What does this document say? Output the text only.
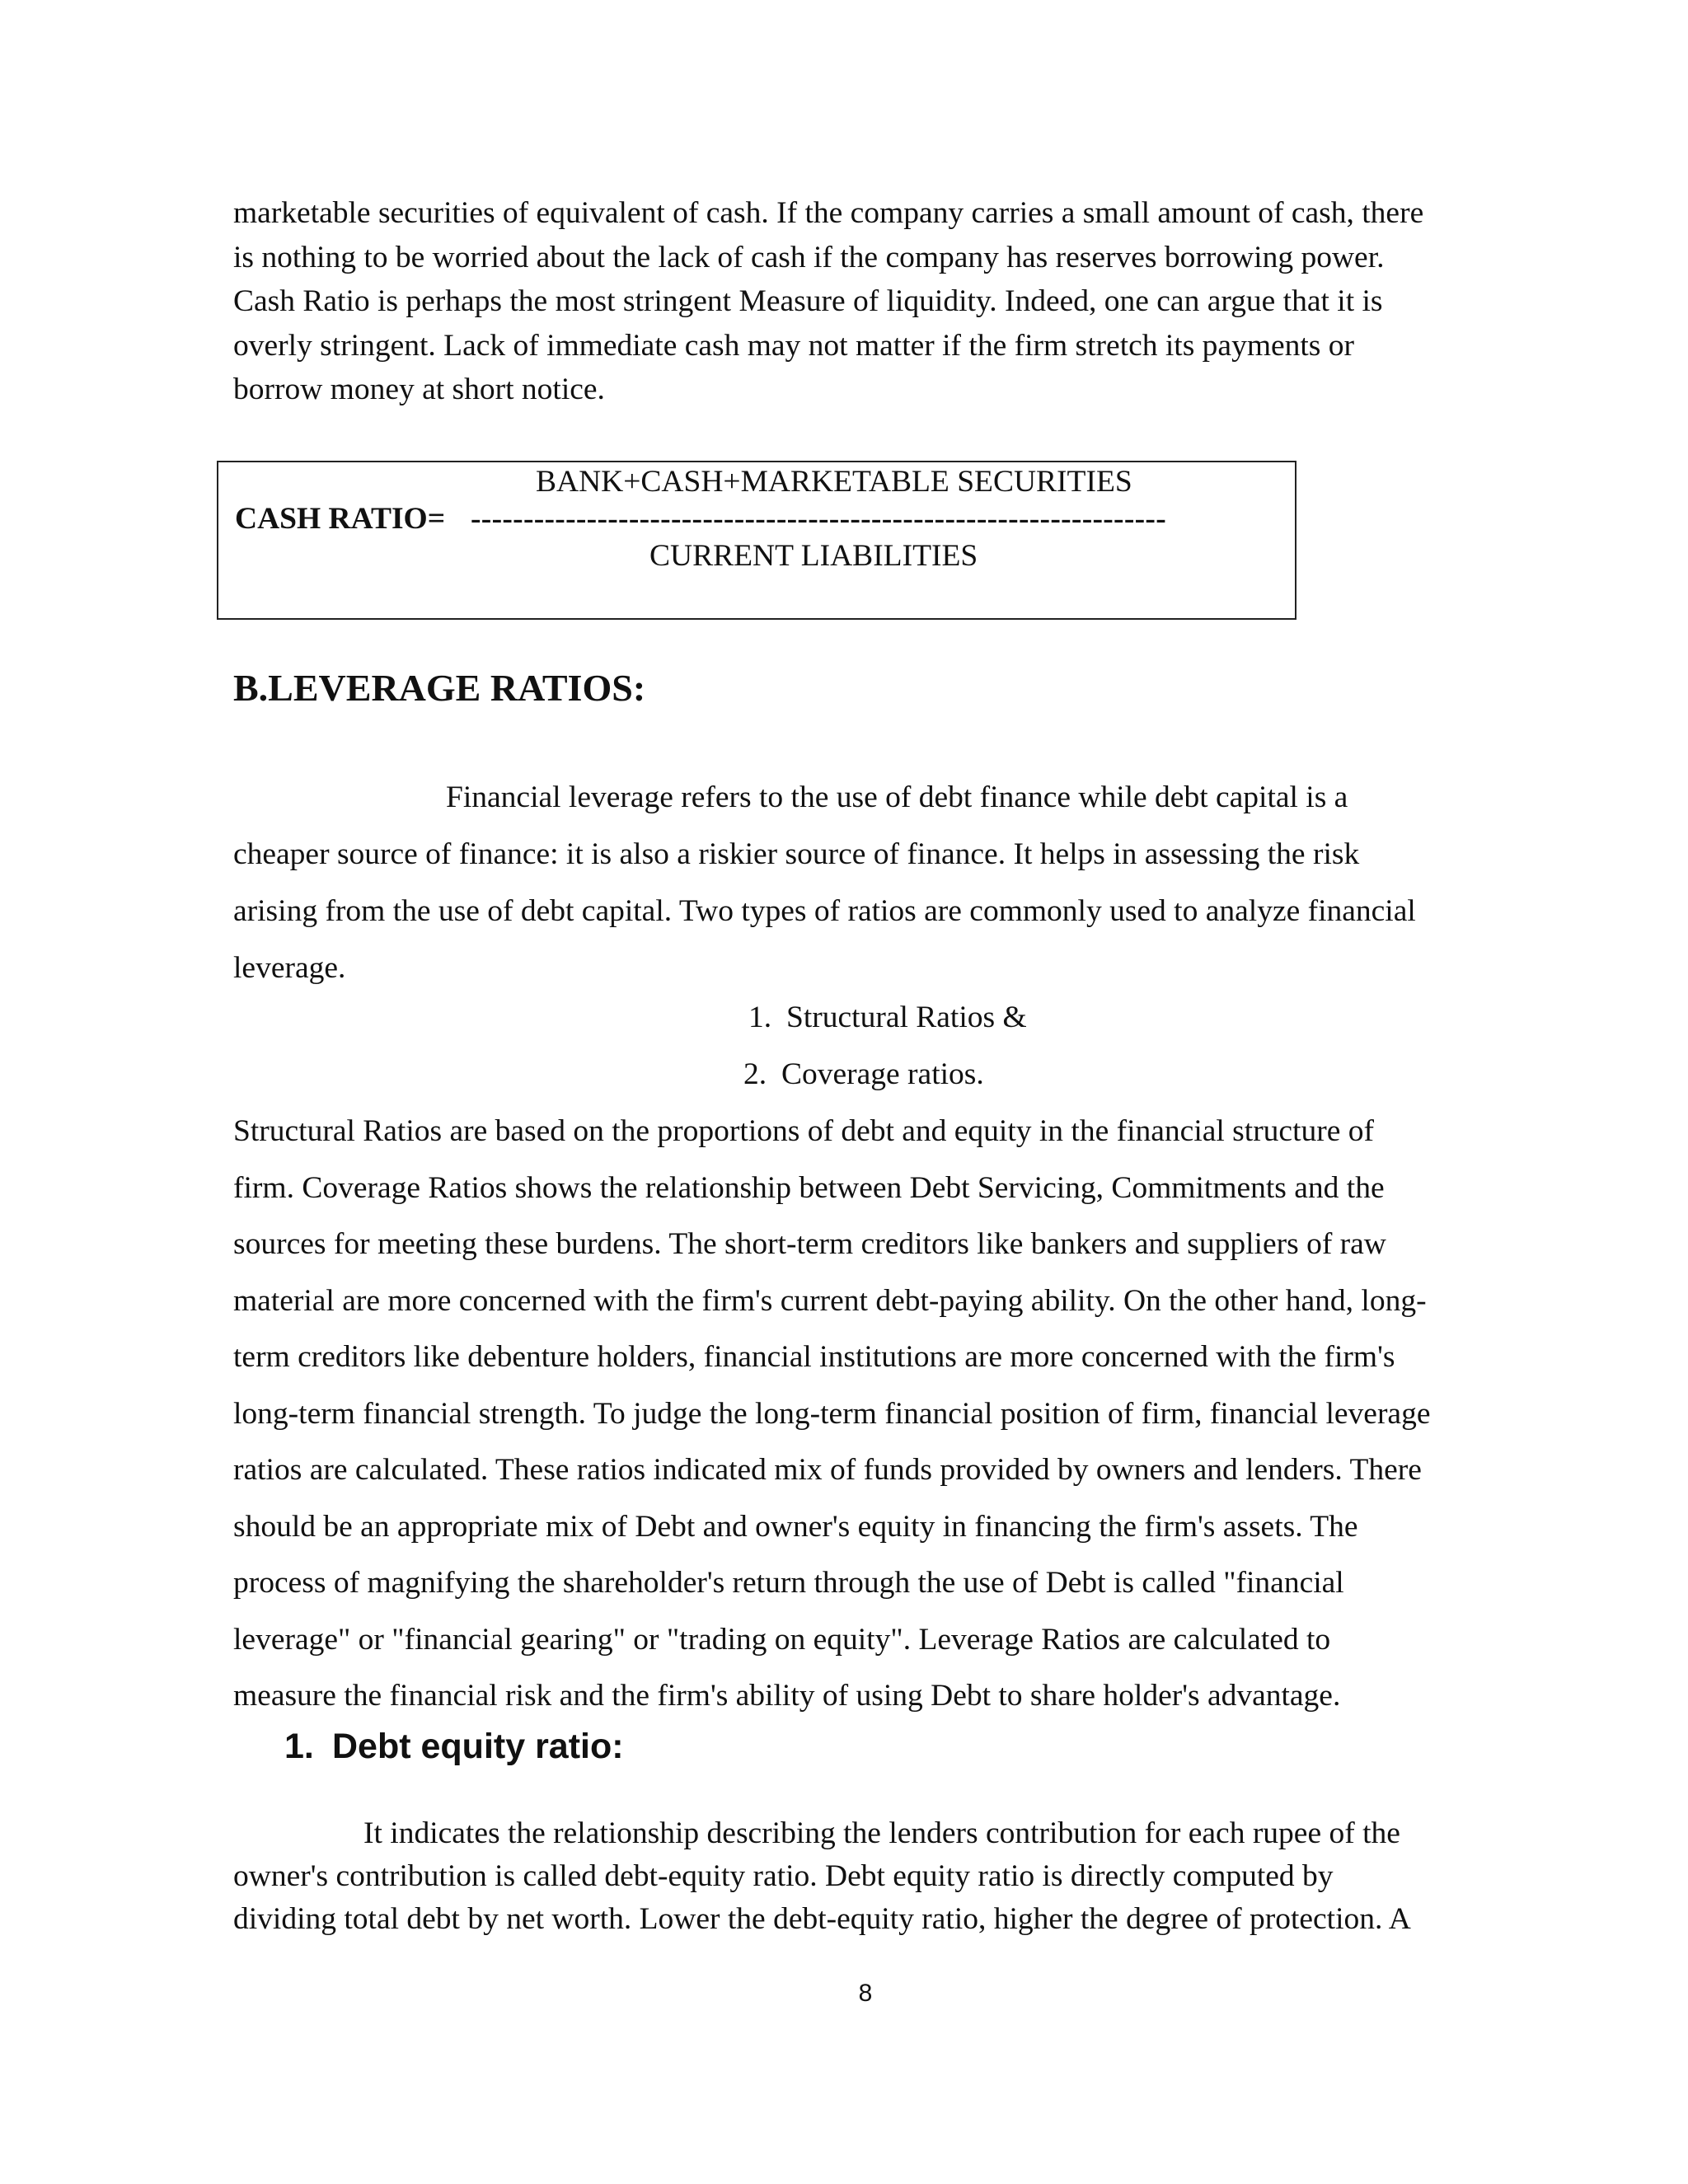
marketable securities of equivalent of cash. If the company carries a small amount of cash, there
is nothing to be worried about the lack of cash if the company has reserves borrowing power.
Cash Ratio is perhaps the most stringent Measure of liquidity. Indeed, one can argue that it is
overly stringent. Lack of immediate cash may not matter if the firm stretch its payments or
borrow money at short notice.
BANK+CASH+MARKETABLE SECURITIES
CASH RATIO= ------------------------------------------------------------------
CURRENT LIABILITIES
B.LEVERAGE RATIOS:
Financial leverage refers to the use of debt finance while debt capital is a
cheaper source of finance: it is also a riskier source of finance. It helps in assessing the risk
arising from the use of debt capital. Two types of ratios are commonly used to analyze financial
leverage.
1. Structural Ratios &
2. Coverage ratios.
Structural Ratios are based on the proportions of debt and equity in the financial structure of
firm. Coverage Ratios shows the relationship between Debt Servicing, Commitments and the
sources for meeting these burdens. The short-term creditors like bankers and suppliers of raw
material are more concerned with the firm's current debt-paying ability. On the other hand, long-
term creditors like debenture holders, financial institutions are more concerned with the firm's
long-term financial strength. To judge the long-term financial position of firm, financial leverage
ratios are calculated. These ratios indicated mix of funds provided by owners and lenders. There
should be an appropriate mix of Debt and owner's equity in financing the firm's assets. The
process of magnifying the shareholder's return through the use of Debt is called "financial
leverage" or "financial gearing" or "trading on equity". Leverage Ratios are calculated to
measure the financial risk and the firm's ability of using Debt to share holder's advantage.
1. Debt equity ratio:
It indicates the relationship describing the lenders contribution for each rupee of the
owner's contribution is called debt-equity ratio. Debt equity ratio is directly computed by
dividing total debt by net worth. Lower the debt-equity ratio, higher the degree of protection. A
8
